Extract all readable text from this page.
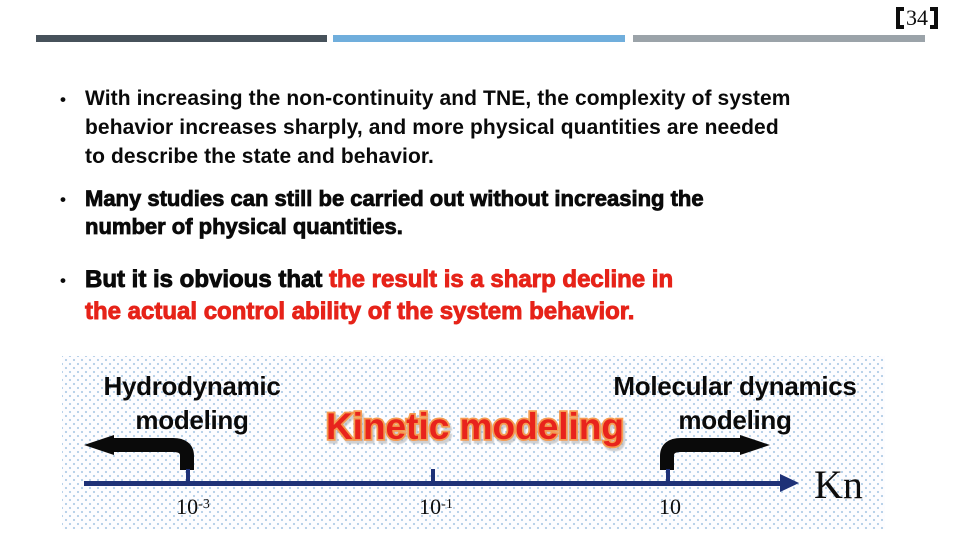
34
• With increasing the non-continuity and TNE, the complexity of system
behavior increases sharply, and more physical quantities are needed
to describe the state and behavior.
• Many studies can still be carried out without increasing the
number of physical quantities.
• But it is obvious that the result is a sharp decline in
the actual control ability of the system behavior.
Hydrodynamic
modeling	Kinetic modeling
Molecular dynamics
modeling
$10^{-3}$	$10^{-1}$	10	Kn
